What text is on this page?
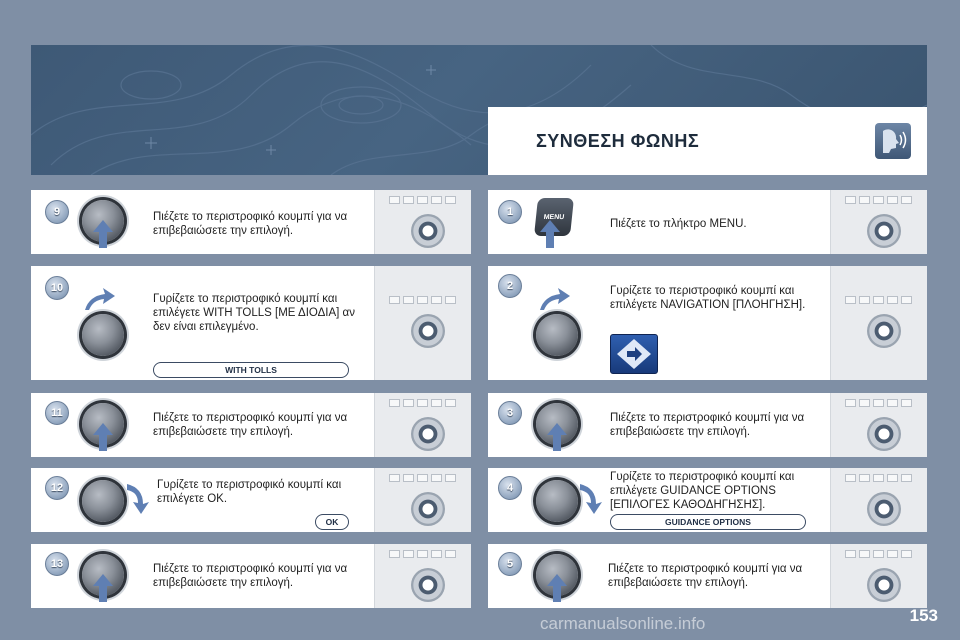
ΣΥΝΘΕΣΗ ΦΩΝΗΣ
9	Πιέζετε το περιστροφικό κουμπί για να επιβεβαιώσετε την επιλογή.
10
Γυρίζετε το περιστροφικό κουμπί και επιλέγετε WITH TOLLS [ΜΕ ΔΙΟΔΙΑ] αν δεν είναι επιλεγμένο.
WITH TOLLS
11	Πιέζετε το περιστροφικό κουμπί για να επιβεβαιώσετε την επιλογή.
12	Γυρίζετε το περιστροφικό κουμπί και επιλέγετε OK.
OK
13	Πιέζετε το περιστροφικό κουμπί για να επιβεβαιώσετε την επιλογή.
1	MENU
Πιέζετε το πλήκτρο MENU.
2	Γυρίζετε το περιστροφικό κουμπί και επιλέγετε NAVIGATION [ΠΛΟΗΓΗΣΗ].
3	Πιέζετε το περιστροφικό κουμπί για να επιβεβαιώσετε την επιλογή.
4
Γυρίζετε το περιστροφικό κουμπί και επιλέγετε GUIDANCE OPTIONS [ΕΠΙΛΟΓΕΣ ΚΑΘΟΔΗΓΗΣΗΣ].
GUIDANCE OPTIONS
5	Πιέζετε το περιστροφικό κουμπί για να επιβεβαιώσετε την επιλογή.
carmanualsonline.info	153
